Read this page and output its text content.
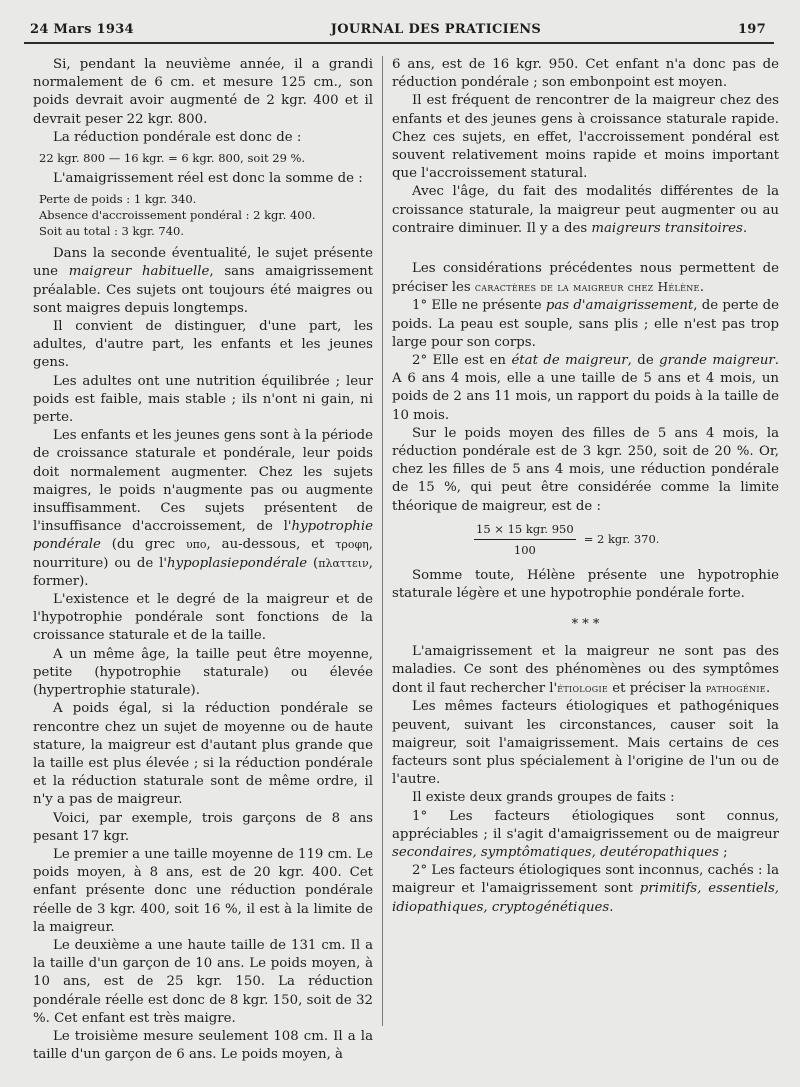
24 Mars 1934	JOURNAL DES PRATICIENS	197

Si, pendant la neuvième année, il a grandi normalement de 6 cm. et mesure 125 cm., son poids devrait avoir augmenté de 2 kgr. 400 et il devrait peser 22 kgr. 800.

La réduction pondérale est donc de :

22 kgr. 800 — 16 kgr. = 6 kgr. 800, soit 29 %.

L'amaigrissement réel est donc la somme de :

Perte de poids : 1 kgr. 340.

Absence d'accroissement pondéral : 2 kgr. 400.

Soit au total : 3 kgr. 740.

Dans la seconde éventualité, le sujet présente une maigreur habituelle, sans amaigrissement préalable. Ces sujets ont toujours été maigres ou sont maigres depuis longtemps.

Il convient de distinguer, d'une part, les adultes, d'autre part, les enfants et les jeunes gens.

Les adultes ont une nutrition équilibrée ; leur poids est faible, mais stable ; ils n'ont ni gain, ni perte.

Les enfants et les jeunes gens sont à la période de croissance staturale et pondérale, leur poids doit normalement augmenter. Chez les sujets maigres, le poids n'augmente pas ou augmente insuffisamment. Ces sujets présentent de l'insuffisance d'accroissement, de l'hypotrophie pondérale (du grec υπο, au-dessous, et τροφη, nourriture) ou de l'hypoplasiepondérale (πλαττειν, former).

L'existence et le degré de la maigreur et de l'hypotrophie pondérale sont fonctions de la croissance staturale et de la taille.

A un même âge, la taille peut être moyenne, petite (hypotrophie staturale) ou élevée (hypertrophie staturale).

A poids égal, si la réduction pondérale se rencontre chez un sujet de moyenne ou de haute stature, la maigreur est d'autant plus grande que la taille est plus élevée ; si la réduction pondérale et la réduction staturale sont de même ordre, il n'y a pas de maigreur.

Voici, par exemple, trois garçons de 8 ans pesant 17 kgr.

Le premier a une taille moyenne de 119 cm. Le poids moyen, à 8 ans, est de 20 kgr. 400. Cet enfant présente donc une réduction pondérale réelle de 3 kgr. 400, soit 16 %, il est à la limite de la maigreur.

Le deuxième a une haute taille de 131 cm. Il a la taille d'un garçon de 10 ans. Le poids moyen, à 10 ans, est de 25 kgr. 150. La réduction pondérale réelle est donc de 8 kgr. 150, soit de 32 %. Cet enfant est très maigre.

Le troisième mesure seulement 108 cm. Il a la taille d'un garçon de 6 ans. Le poids moyen, à

6 ans, est de 16 kgr. 950. Cet enfant n'a donc pas de réduction pondérale ; son embonpoint est moyen.

Il est fréquent de rencontrer de la maigreur chez des enfants et des jeunes gens à croissance staturale rapide. Chez ces sujets, en effet, l'accroissement pondéral est souvent relativement moins rapide et moins important que l'accroissement statural.

Avec l'âge, du fait des modalités différentes de la croissance staturale, la maigreur peut augmenter ou au contraire diminuer. Il y a des maigreurs transitoires.

Les considérations précédentes nous permettent de préciser les caractères de la maigreur chez Hélène.

1° Elle ne présente pas d'amaigrissement, de perte de poids. La peau est souple, sans plis ; elle n'est pas trop large pour son corps.

2° Elle est en état de maigreur, de grande maigreur. A 6 ans 4 mois, elle a une taille de 5 ans et 4 mois, un poids de 2 ans 11 mois, un rapport du poids à la taille de 10 mois.

Sur le poids moyen des filles de 5 ans 4 mois, la réduction pondérale est de 3 kgr. 250, soit de 20 %. Or, chez les filles de 5 ans 4 mois, une réduction pondérale de 15 %, qui peut être considérée comme la limite théorique de maigreur, est de :

$\frac{\text{15 × 15 kgr. 950}}{100} = 2$ kgr. 370.

Somme toute, Hélène présente une hypotrophie staturale légère et une hypotrophie pondérale forte.

* * *

L'amaigrissement et la maigreur ne sont pas des maladies. Ce sont des phénomènes ou des symptômes dont il faut rechercher l'étiologie et préciser la pathogénie.

Les mêmes facteurs étiologiques et pathogéniques peuvent, suivant les circonstances, causer soit la maigreur, soit l'amaigrissement. Mais certains de ces facteurs sont plus spécialement à l'origine de l'un ou de l'autre.

Il existe deux grands groupes de faits :

1° Les facteurs étiologiques sont connus, appréciables ; il s'agit d'amaigrissement ou de maigreur secondaires, symptômatiques, deutéropathiques ;

2° Les facteurs étiologiques sont inconnus, cachés : la maigreur et l'amaigrissement sont primitifs, essentiels, idiopathiques, cryptogénétiques.
